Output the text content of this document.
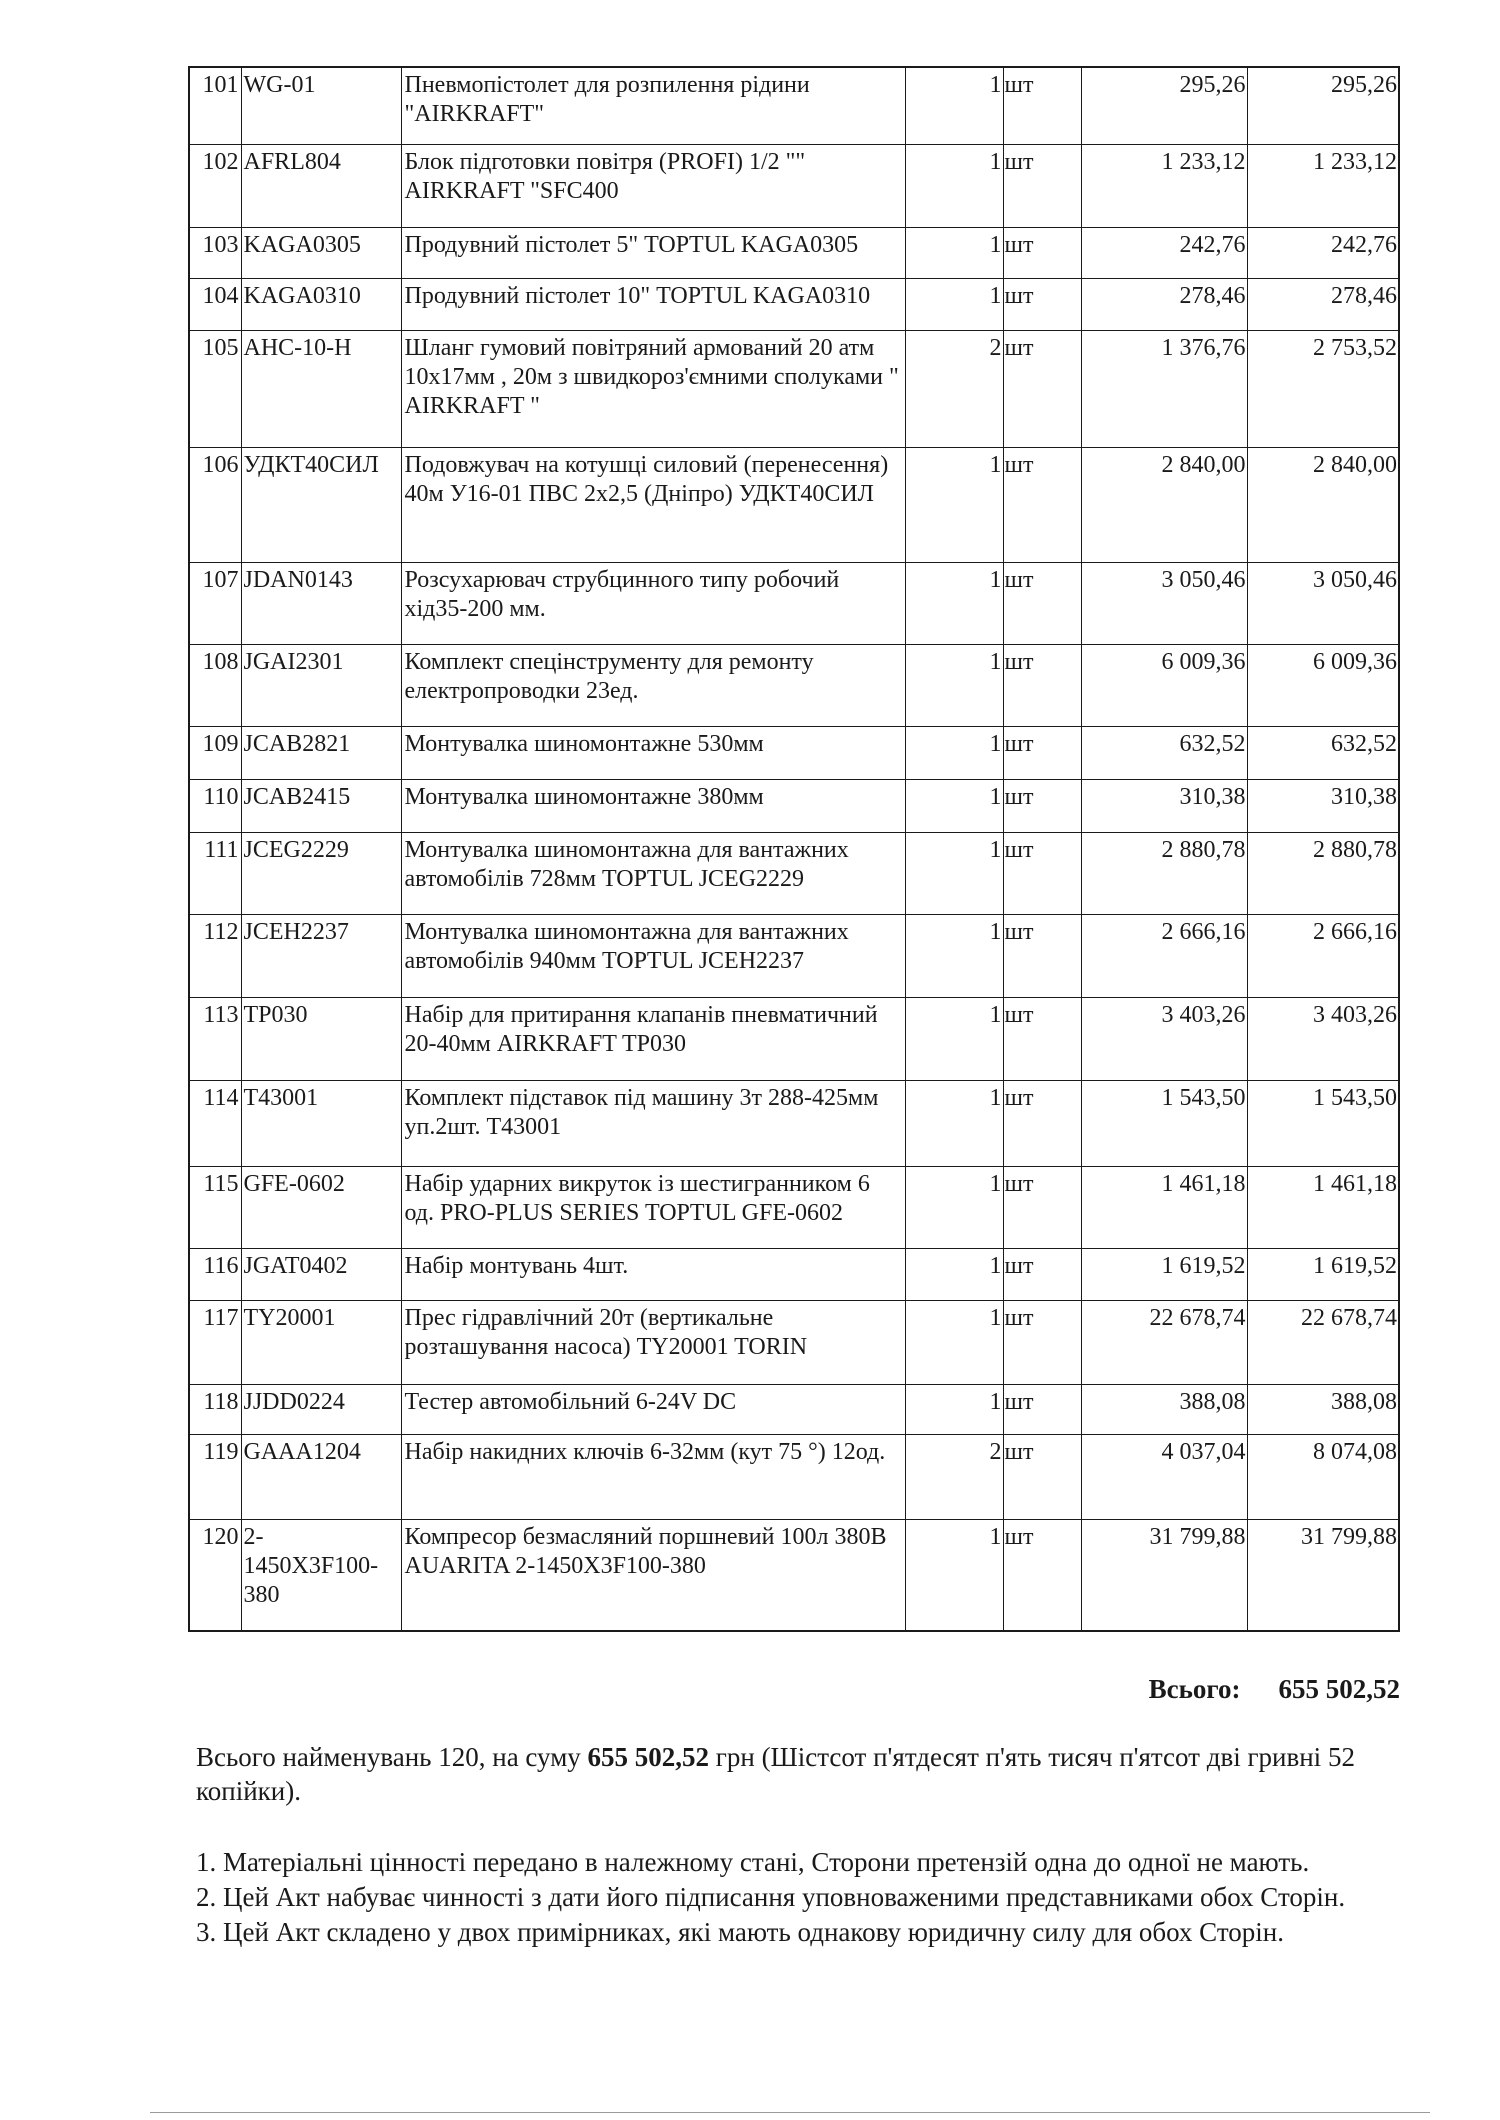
101	WG-01	Пневмопістолет для розпилення рідини "AIRKRAFT"	1	шт	295,26	295,26
102	AFRL804	Блок підготовки повітря (PROFI) 1/2 "" AIRKRAFT "SFC400	1	шт	1 233,12	1 233,12
103	KAGA0305	Продувний пістолет 5" TOPTUL KAGA0305	1	шт	242,76	242,76
104	KAGA0310	Продувний пістолет 10" TOPTUL KAGA0310	1	шт	278,46	278,46
105	AHC-10-H	Шланг гумовий повітряний армований 20 атм 10х17мм , 20м з швидкороз'ємними сполуками " AIRKRAFT "	2	шт	1 376,76	2 753,52
106	УДКТ40СИЛ	Подовжувач на котушці силовий (перенесення) 40м У16-01 ПВС 2х2,5 (Дніпро) УДКТ40СИЛ	1	шт	2 840,00	2 840,00
107	JDAN0143	Розсухарювач струбцинного типу робочий хід35-200 мм.	1	шт	3 050,46	3 050,46
108	JGAI2301	Комплект спецінструменту для ремонту електропроводки 23ед.	1	шт	6 009,36	6 009,36
109	JCAB2821	Монтувалка шиномонтажне 530мм	1	шт	632,52	632,52
110	JCAB2415	Монтувалка шиномонтажне 380мм	1	шт	310,38	310,38
111	JCEG2229	Монтувалка шиномонтажна для вантажних автомобілів 728мм TOPTUL JCEG2229	1	шт	2 880,78	2 880,78
112	JCEH2237	Монтувалка шиномонтажна для вантажних автомобілів 940мм TOPTUL JCEH2237	1	шт	2 666,16	2 666,16
113	TP030	Набір для притирання клапанів пневматичний 20-40мм AIRKRAFT TP030	1	шт	3 403,26	3 403,26
114	T43001	Комплект підставок під машину 3т 288-425мм уп.2шт. T43001	1	шт	1 543,50	1 543,50
115	GFE-0602	Набір ударних викруток із шестигранником 6 од. PRO-PLUS SERIES TOPTUL GFE-0602	1	шт	1 461,18	1 461,18
116	JGAT0402	Набір монтувань 4шт.	1	шт	1 619,52	1 619,52
117	TY20001	Прес гідравлічний 20т (вертикальне розташування насоса) TY20001 TORIN	1	шт	22 678,74	22 678,74
118	JJDD0224	Тестер автомобільний 6-24V DC	1	шт	388,08	388,08
119	GAAA1204	Набір накидних ключів 6-32мм (кут 75 °) 12од.	2	шт	4 037,04	8 074,08
120	2-1450X3F100-380	Компресор безмасляний поршневий 100л 380В AUARITA 2-1450X3F100-380	1	шт	31 799,88	31 799,88
Всього: 655 502,52
Всього найменувань 120, на суму 655 502,52 грн (Шістсот п'ятдесят п'ять тисяч п'ятсот дві гривні 52 копійки).

1. Матеріальні цінності передано в належному стані, Сторони претензій одна до одної не мають.

2. Цей Акт набуває чинності з дати його підписання уповноваженими представниками обох Сторін.

3. Цей Акт складено у двох примірниках, які мають однакову юридичну силу для обох Сторін.
